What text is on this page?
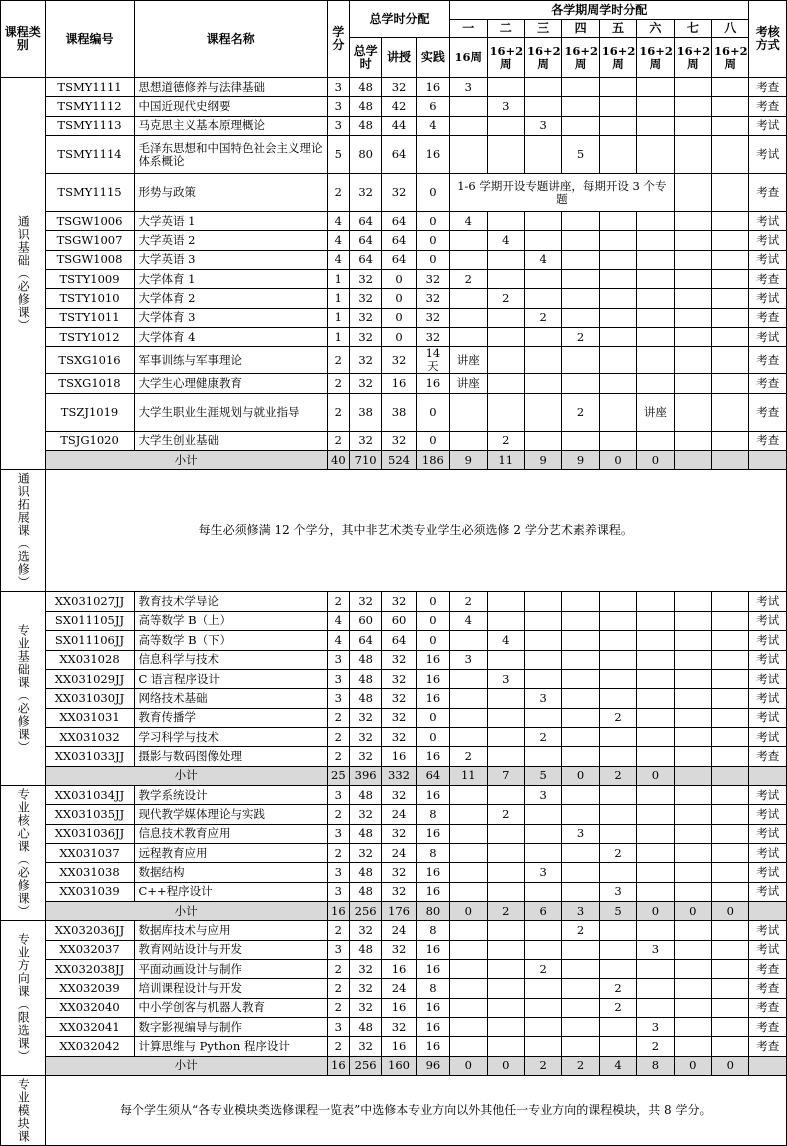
课程类别	课程编号	课程名称	学分	总学时分配			各学期周学时分配								考核方式
							一	二	三	四	五	六	七	八	
				总学时	讲授	实践	16周	16+2周	16+2周	16+2周	16+2周	16+2周	16+2周	16+2周	
通识基础（必修课）	TSMY1111	思想道德修养与法律基础	3	48	32	16	3								考查
	TSMY1112	中国近现代史纲要	3	48	42	6		3							考查
	TSMY1113	马克思主义基本原理概论	3	48	44	4			3						考试
	TSMY1114	毛泽东思想和中国特色社会主义理论体系概论	5	80	64	16				5					考试
	TSMY1115	形势与政策	2	32	32	0	1-6 学期开设专题讲座，每期开设 3 个专题								考查
	TSGW1006	大学英语 1	4	64	64	0	4								考试
	TSGW1007	大学英语 2	4	64	64	0		4							考试
	TSGW1008	大学英语 3	4	64	64	0			4						考试
	TSTY1009	大学体育 1	1	32	0	32	2								考查
	TSTY1010	大学体育 2	1	32	0	32		2							考试
	TSTY1011	大学体育 3	1	32	0	32			2						考查
	TSTY1012	大学体育 4	1	32	0	32				2					考试
	TSXG1016	军事训练与军事理论	2	32	32	14 天	讲座								考查
	TSXG1018	大学生心理健康教育	2	32	16	16	讲座								考查
	TSZJ1019	大学生职业生涯规划与就业指导	2	38	38	0				2		讲座			考查
	TSJG1020	大学生创业基础	2	32	32	0		2							考查
	小计		40	710	524	186	9	11	9	9	0	0			
通识拓展课（选修）	每生必须修满 12 个学分，其中非艺术类专业学生必须选修 2 学分艺术素养课程。														
专业基础课（必修课）	XX031027JJ	教育技术学导论	2	32	32	0	2								考试
	SX011105JJ	高等数学 B（上）	4	60	60	0	4								考试
	SX011106JJ	高等数学 B（下）	4	64	64	0		4							考试
	XX031028	信息科学与技术	3	48	32	16	3								考试
	XX031029JJ	C 语言程序设计	3	48	32	16		3							考试
	XX031030JJ	网络技术基础	3	48	32	16			3						考试
	XX031031	教育传播学	2	32	32	0					2				考试
	XX031032	学习科学与技术	2	32	32	0			2						考试
	XX031033JJ	摄影与数码图像处理	2	32	16	16	2								考查
	小计		25	396	332	64	11	7	5	0	2	0			
专业核心课（必修课）	XX031034JJ	教学系统设计	3	48	32	16			3						考试
	XX031035JJ	现代教学媒体理论与实践	2	32	24	8		2							考试
	XX031036JJ	信息技术教育应用	3	48	32	16				3					考试
	XX031037	远程教育应用	2	32	24	8					2				考试
	XX031038	数据结构	3	48	32	16			3						考试
	XX031039	C++程序设计	3	48	32	16					3				考试
	小计		16	256	176	80	0	2	6	3	5	0	0	0	
专业方向课（限选课）	XX032036JJ	数据库技术与应用	2	32	24	8				2					考试
	XX032037	教育网站设计与开发	3	48	32	16						3			考试
	XX032038JJ	平面动画设计与制作	2	32	16	16			2						考查
	XX032039	培训课程设计与开发	2	32	24	8					2				考查
	XX032040	中小学创客与机器人教育	2	32	16	16					2				考查
	XX032041	数字影视编导与制作	3	48	32	16						3			考查
	XX032042	计算思维与 Python 程序设计	2	32	16	16						2			考查
	小计		16	256	160	96	0	0	2	2	4	8	0	0	
专业模块课	每个学生须从“各专业模块类选修课程一览表”中选修本专业方向以外其他任一专业方向的课程模块，共 8 学分。														
